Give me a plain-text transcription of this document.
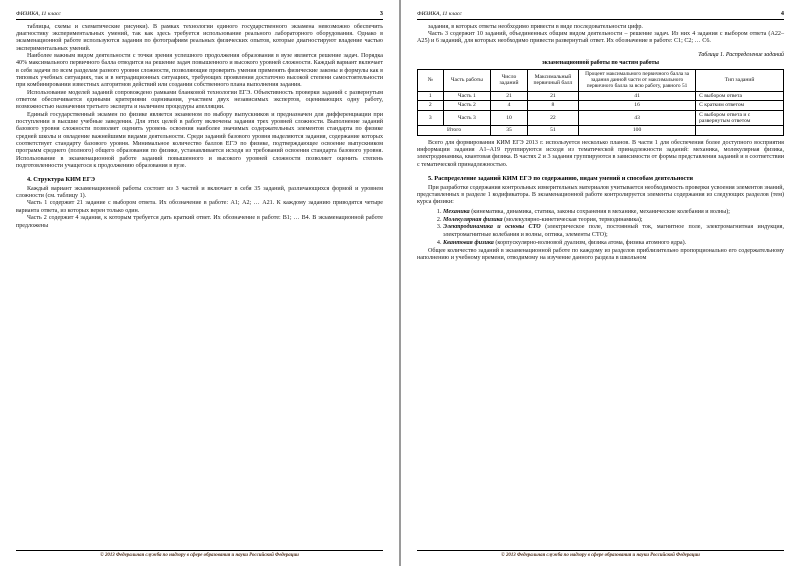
ФИЗИКА, 11 класс	3

таблицы, схемы и схематические рисунки). В рамках технологии единого государственного экзамена невозможно обеспечить диагностику экспериментальных умений, так как здесь требуется использование реального лабораторного оборудования. Однако в экзаменационной работе используются задания по фотографиям реальных физических опытов, которые диагностируют владение частью экспериментальных умений.

Наиболее важным видом деятельности с точки зрения успешного продолжения образования в вузе является решение задач. Порядка 40% максимального первичного балла отводится на решение задач повышенного и высокого уровней сложности. Каждый вариант включает в себя задачи по всем разделам разного уровня сложности, позволяющие проверить умения применять физические законы и формулы как в типовых учебных ситуациях, так и в нетрадиционных ситуациях, требующих проявления достаточно высокой степени самостоятельности при комбинировании известных алгоритмов действий или создании собственного плана выполнения задания.

Использование моделей заданий сопровождено рамками бланковой технологии ЕГЭ. Объективность проверки заданий с развернутым ответом обеспечивается едиными критериями оценивания, участием двух независимых экспертов, оценивающих одну работу, возможностью назначения третьего эксперта и наличием процедуры апелляции.

Единый государственный экзамен по физике является экзаменом по выбору выпускников и предназначен для дифференциации при поступлении в высшие учебные заведения. Для этих целей в работу включены задания трех уровней сложности. Выполнение заданий базового уровня сложности позволяет оценить уровень освоения наиболее значимых содержательных элементов стандарта по физике средней школы и овладение важнейшими видами деятельности. Среди заданий базового уровня выделяются задания, содержание которых соответствует стандарту базового уровня. Минимальное количество баллов ЕГЭ по физике, подтверждающее освоение выпускником программ среднего (полного) общего образования по физике, устанавливается исходя из требований освоения стандарта базового уровня. Использование в экзаменационной работе заданий повышенного и высокого уровней сложности позволяет оценить степень подготовленности учащегося к продолжению образования в вузе.

4. Структура КИМ ЕГЭ

Каждый вариант экзаменационной работы состоит из 3 частей и включает в себя 35 заданий, различающихся формой и уровнем сложности (см. таблицу 1).

Часть 1 содержит 21 задание с выбором ответа. Их обозначение в работе: А1; А2; … А21. К каждому заданию приводятся четыре варианта ответа, из которых верен только один.

Часть 2 содержит 4 задания, к которым требуется дать краткий ответ. Их обозначение в работе: В1; … В4. В экзаменационной работе предложены

© 2013 Федеральная служба по надзору в сфере образования и науки Российской Федерации
ФИЗИКА, 11 класс	4

задания, в которых ответы необходимо привести в виде последовательности цифр.

Часть 3 содержит 10 заданий, объединенных общим видом деятельности – решение задач. Из них 4 задания с выбором ответа (А22–А25) и 6 заданий, для которых необходимо привести развернутый ответ. Их обозначение в работе: С1; С2; … С6.

Таблица 1. Распределение заданий
экзаменационной работы по частям работы
№	Часть работы	Число заданий	Максимальный первичный балл	Процент максимального первичного балла за задания данной части от максимального первичного балла за всю работу, равного 51	Тип заданий
1	Часть 1	21	21	41	С выбором ответа
2	Часть 2	4	8	16	С кратким ответом
3	Часть 3	10	22	43	С выбором ответа и с развернутым ответом
Итого		35	51	100	

Всего для формирования КИМ ЕГЭ 2013 г. используется несколько планов. В части 1 для обеспечения более доступного восприятия информации задания А1–А19 группируются исходя из тематической принадлежности заданий: механика, молекулярная физика, электродинамика, квантовая физика. В частях 2 и 3 задания группируются в зависимости от формы представления заданий и в соответствии с тематической принадлежностью.

5. Распределение заданий КИМ ЕГЭ по содержанию, видам умений и способам деятельности

При разработке содержания контрольных измерительных материалов учитывается необходимость проверки усвоения элементов знаний, представленных в разделе 1 кодификатора. В экзаменационной работе контролируется элементы содержания из следующих разделов (тем) курса физики:

1. Механика (кинематика, динамика, статика, законы сохранения в механике, механические колебания и волны);
2. Молекулярная физика (молекулярно-кинетическая теория, термодинамика);
3. Электродинамика и основы СТО (электрическое поле, постоянный ток, магнитное поле, электромагнитная индукция, электромагнитные колебания и волны, оптика, элементы СТО);
4. Квантовая физика (корпускулярно-волновой дуализм, физика атома, физика атомного ядра).

Общее количество заданий в экзаменационной работе по каждому из разделов приблизительно пропорционально его содержательному наполнению и учебному времени, отводимому на изучение данного раздела в школьном

© 2013 Федеральная служба по надзору в сфере образования и науки Российской Федерации
